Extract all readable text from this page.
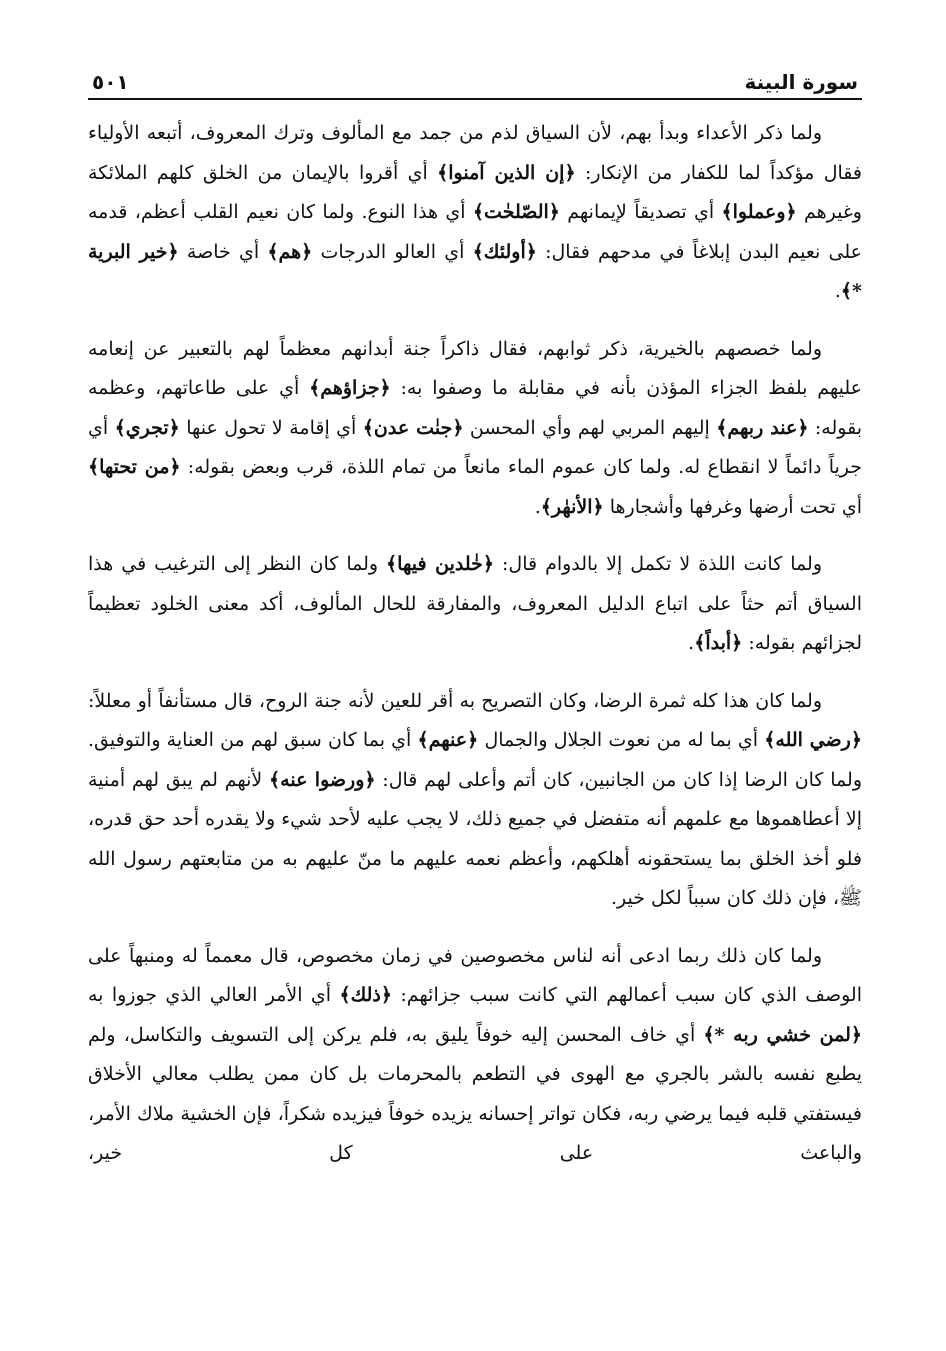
سورة البينة
٥٠١

ولما ذكر الأعداء وبدأ بهم، لأن السياق لذم من جمد مع المألوف وترك المعروف، أتبعه الأولياء فقال مؤكداً لما للكفار من الإنكار: ﴿إن الذين آمنوا﴾ أي أقروا بالإيمان من الخلق كلهم الملائكة وغيرهم ﴿وعملوا﴾ أي تصديقاً لإيمانهم ﴿الصّلحٰت﴾ أي هذا النوع. ولما كان نعيم القلب أعظم، قدمه على نعيم البدن إبلاغاً في مدحهم فقال: ﴿أولئك﴾ أي العالو الدرجات ﴿هم﴾ أي خاصة ﴿خير البرية *﴾.

ولما خصصهم بالخيرية، ذكر ثوابهم، فقال ذاكراً جنة أبدانهم معظماً لهم بالتعبير عن إنعامه عليهم بلفظ الجزاء المؤذن بأنه في مقابلة ما وصفوا به: ﴿جزاؤهم﴾ أي على طاعاتهم، وعظمه بقوله: ﴿عند ربهم﴾ إليهم المربي لهم وأي المحسن ﴿جنٰت عدن﴾ أي إقامة لا تحول عنها ﴿تجري﴾ أي جرياً دائماً لا انقطاع له. ولما كان عموم الماء مانعاً من تمام اللذة، قرب وبعض بقوله: ﴿من تحتها﴾ أي تحت أرضها وغرفها وأشجارها ﴿الأنهٰر﴾.

ولما كانت اللذة لا تكمل إلا بالدوام قال: ﴿خٰلدين فيها﴾ ولما كان النظر إلى الترغيب في هذا السياق أتم حثاً على اتباع الدليل المعروف، والمفارقة للحال المألوف، أكد معنى الخلود تعظيماً لجزائهم بقوله: ﴿أبداً﴾.

ولما كان هذا كله ثمرة الرضا، وكان التصريح به أقر للعين لأنه جنة الروح، قال مستأنفاً أو معللاً: ﴿رضي الله﴾ أي بما له من نعوت الجلال والجمال ﴿عنهم﴾ أي بما كان سبق لهم من العناية والتوفيق. ولما كان الرضا إذا كان من الجانبين، كان أتم وأعلى لهم قال: ﴿ورضوا عنه﴾ لأنهم لم يبق لهم أمنية إلا أعطاهموها مع علمهم أنه متفضل في جميع ذلك، لا يجب عليه لأحد شيء ولا يقدره أحد حق قدره، فلو أخذ الخلق بما يستحقونه أهلكهم، وأعظم نعمه عليهم ما منّ عليهم به من متابعتهم رسول الله ﷺ، فإن ذلك كان سبباً لكل خير.

ولما كان ذلك ربما ادعى أنه لناس مخصوصين في زمان مخصوص، قال معمماً له ومنبهاً على الوصف الذي كان سبب أعمالهم التي كانت سبب جزائهم: ﴿ذلك﴾ أي الأمر العالي الذي جوزوا به ﴿لمن خشي ربه *﴾ أي خاف المحسن إليه خوفاً يليق به، فلم يركن إلى التسويف والتكاسل، ولم يطبع نفسه بالشر بالجري مع الهوى في التطعم بالمحرمات بل كان ممن يطلب معالي الأخلاق فيستفتي قلبه فيما يرضي ربه، فكان تواتر إحسانه يزيده خوفاً فيزيده شكراً، فإن الخشية ملاك الأمر، والباعث على كل خير،
